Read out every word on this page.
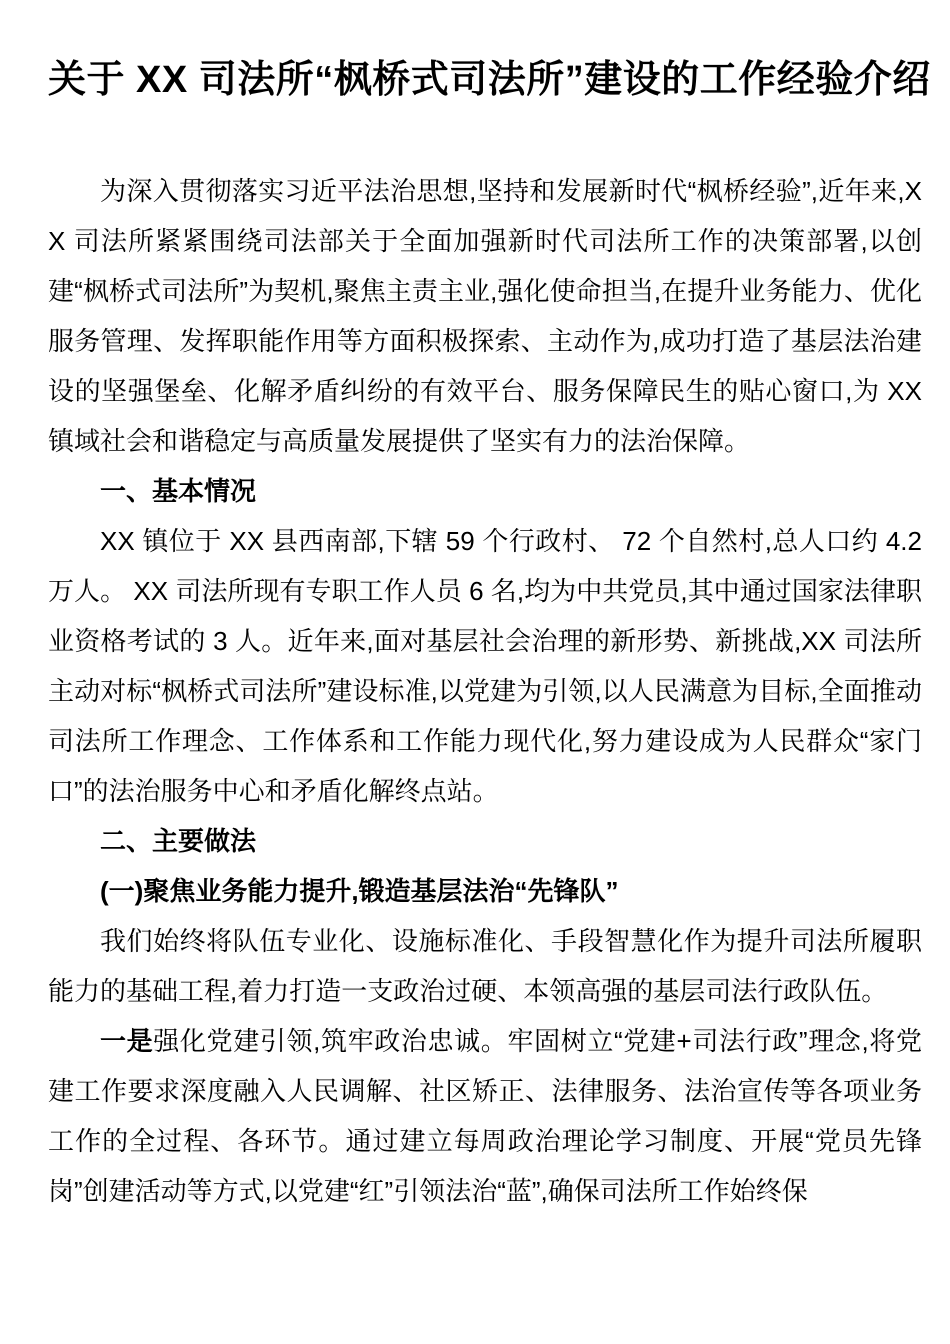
关于 XX 司法所“枫桥式司法所”建设的工作经验介绍

为深入贯彻落实习近平法治思想,坚持和发展新时代“枫桥经验”,近年来,XX 司法所紧紧围绕司法部关于全面加强新时代司法所工作的决策部署,以创建“枫桥式司法所”为契机,聚焦主责主业,强化使命担当,在提升业务能力、优化服务管理、发挥职能作用等方面积极探索、主动作为,成功打造了基层法治建设的坚强堡垒、化解矛盾纠纷的有效平台、服务保障民生的贴心窗口,为 XX 镇域社会和谐稳定与高质量发展提供了坚实有力的法治保障。

一、基本情况

XX 镇位于 XX 县西南部,下辖 59 个行政村、 72 个自然村,总人口约 4.2 万人。 XX 司法所现有专职工作人员 6 名,均为中共党员,其中通过国家法律职业资格考试的 3 人。近年来,面对基层社会治理的新形势、新挑战,XX 司法所主动对标“枫桥式司法所”建设标准,以党建为引领,以人民满意为目标,全面推动司法所工作理念、工作体系和工作能力现代化,努力建设成为人民群众“家门口”的法治服务中心和矛盾化解终点站。

二、主要做法

(一)聚焦业务能力提升,锻造基层法治“先锋队”

我们始终将队伍专业化、设施标准化、手段智慧化作为提升司法所履职能力的基础工程,着力打造一支政治过硬、本领高强的基层司法行政队伍。

一是强化党建引领,筑牢政治忠诚。牢固树立“党建+司法行政”理念,将党建工作要求深度融入人民调解、社区矫正、法律服务、法治宣传等各项业务工作的全过程、各环节。通过建立每周政治理论学习制度、开展“党员先锋岗”创建活动等方式,以党建“红”引领法治“蓝”,确保司法所工作始终保
